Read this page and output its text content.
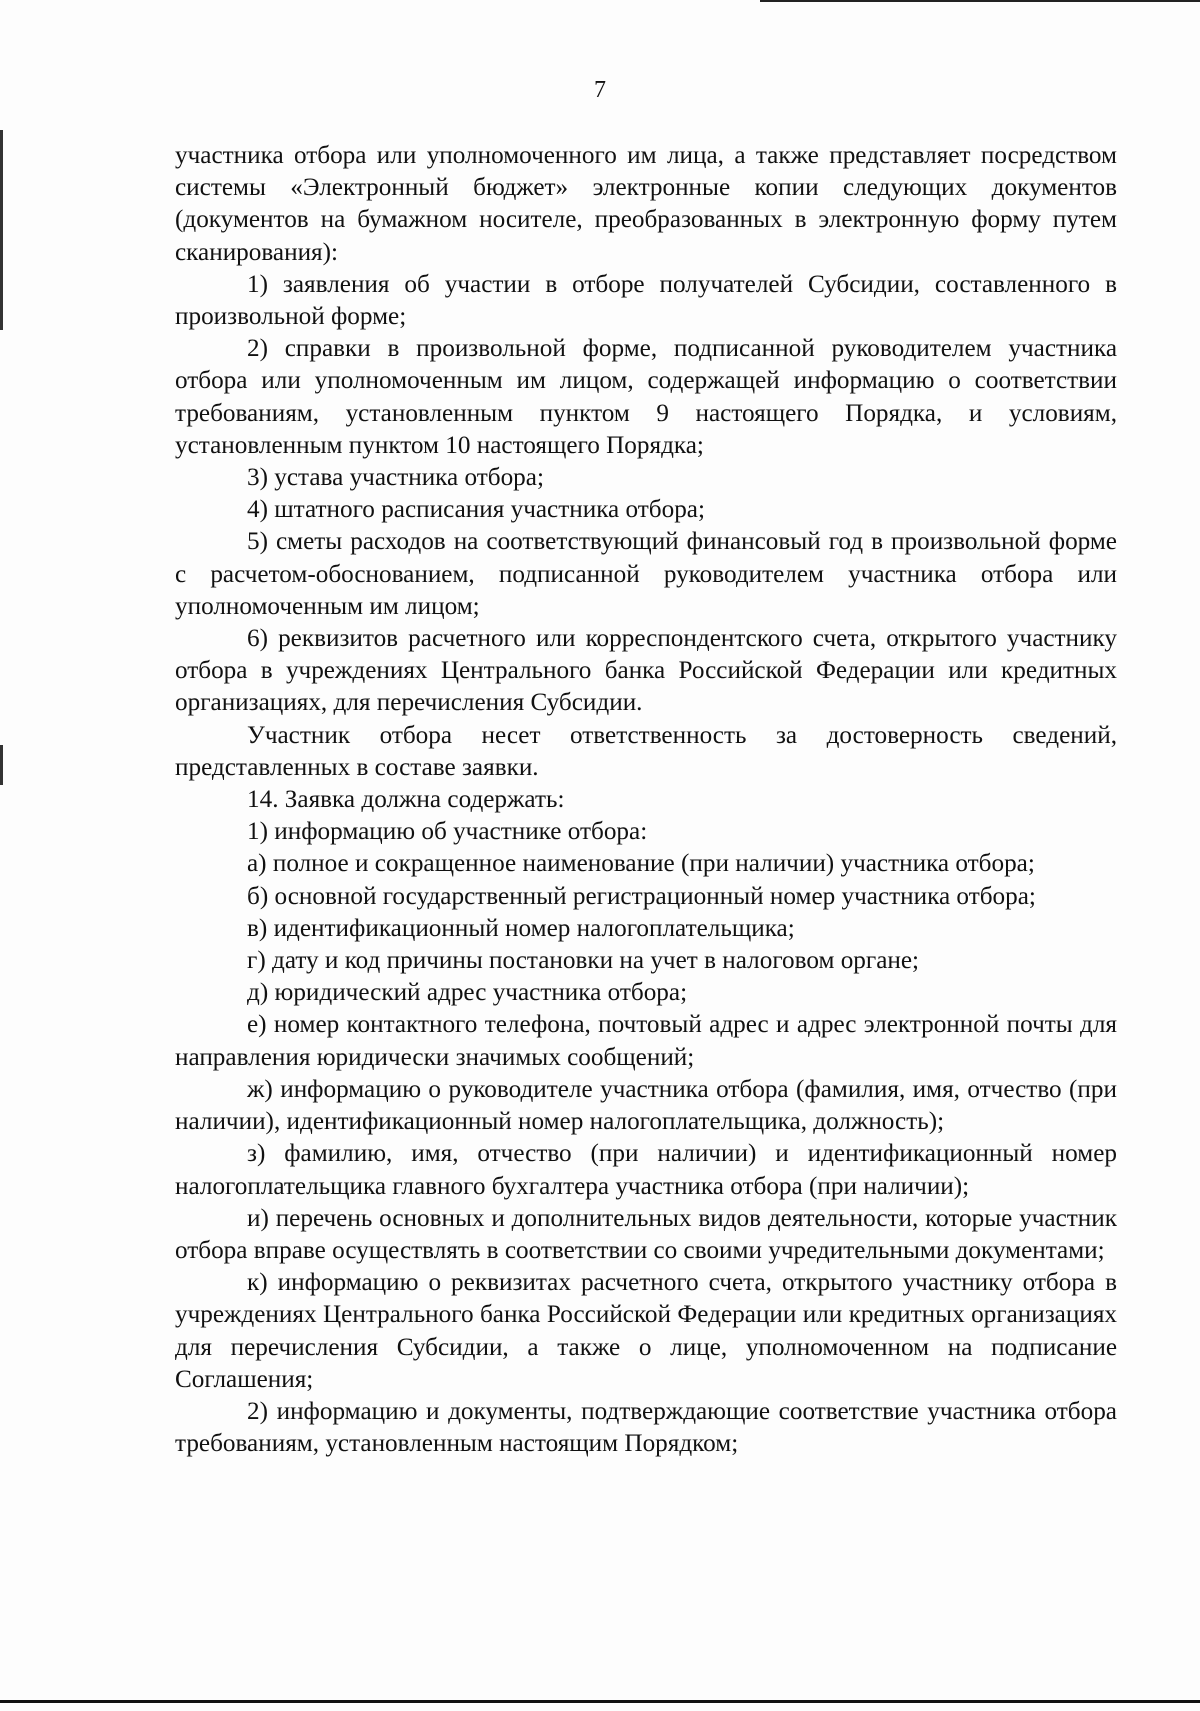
7

участника отбора или уполномоченного им лица, а также представляет посредством системы «Электронный бюджет» электронные копии следующих документов (документов на бумажном носителе, преобразованных в электронную форму путем сканирования):

1) заявления об участии в отборе получателей Субсидии, составленного в произвольной форме;

2) справки в произвольной форме, подписанной руководителем участника отбора или уполномоченным им лицом, содержащей информацию о соответствии требованиям, установленным пунктом 9 настоящего Порядка, и условиям, установленным пунктом 10 настоящего Порядка;

3) устава участника отбора;

4) штатного расписания участника отбора;

5) сметы расходов на соответствующий финансовый год в произвольной форме с расчетом-обоснованием, подписанной руководителем участника отбора или уполномоченным им лицом;

6) реквизитов расчетного или корреспондентского счета, открытого участнику отбора в учреждениях Центрального банка Российской Федерации или кредитных организациях, для перечисления Субсидии.

Участник отбора несет ответственность за достоверность сведений, представленных в составе заявки.

14. Заявка должна содержать:

1) информацию об участнике отбора:

а) полное и сокращенное наименование (при наличии) участника отбора;

б) основной государственный регистрационный номер участника отбора;

в) идентификационный номер налогоплательщика;

г) дату и код причины постановки на учет в налоговом органе;

д) юридический адрес участника отбора;

е) номер контактного телефона, почтовый адрес и адрес электронной почты для направления юридически значимых сообщений;

ж) информацию о руководителе участника отбора (фамилия, имя, отчество (при наличии), идентификационный номер налогоплательщика, должность);

з) фамилию, имя, отчество (при наличии) и идентификационный номер налогоплательщика главного бухгалтера участника отбора (при наличии);

и) перечень основных и дополнительных видов деятельности, которые участник отбора вправе осуществлять в соответствии со своими учредительными документами;

к) информацию о реквизитах расчетного счета, открытого участнику отбора в учреждениях Центрального банка Российской Федерации или кредитных организациях для перечисления Субсидии, а также о лице, уполномоченном на подписание Соглашения;

2) информацию и документы, подтверждающие соответствие участника отбора требованиям, установленным настоящим Порядком;
